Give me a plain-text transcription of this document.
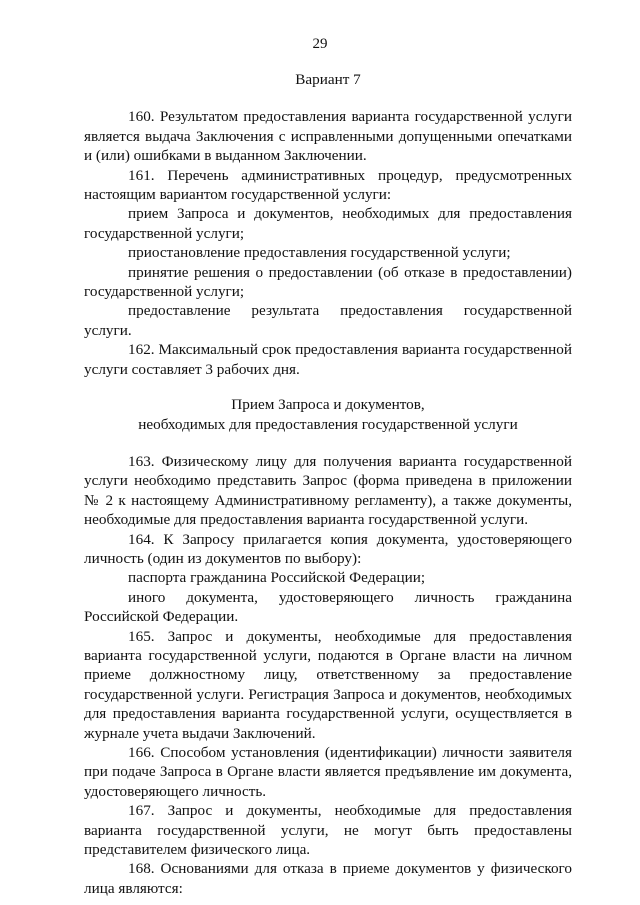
29
Вариант 7

160. Результатом предоставления варианта государственной услуги является выдача Заключения с исправленными допущенными опечатками и (или) ошибками в выданном Заключении.

161. Перечень административных процедур, предусмотренных настоящим вариантом государственной услуги:

прием Запроса и документов, необходимых для предоставления государственной услуги;

приостановление предоставления государственной услуги;

принятие решения о предоставлении (об отказе в предоставлении) государственной услуги;

предоставление результата предоставления государственной услуги.

162. Максимальный срок предоставления варианта государственной услуги составляет 3 рабочих дня.

Прием Запроса и документов,
необходимых для предоставления государственной услуги

163. Физическому лицу для получения варианта государственной услуги необходимо представить Запрос (форма приведена в приложении № 2 к настоящему Административному регламенту), а также документы, необходимые для предоставления варианта государственной услуги.

164. К Запросу прилагается копия документа, удостоверяющего личность (один из документов по выбору):

паспорта гражданина Российской Федерации;

иного документа, удостоверяющего личность гражданина Российской Федерации.

165. Запрос и документы, необходимые для предоставления варианта государственной услуги, подаются в Органе власти на личном приеме должностному лицу, ответственному за предоставление государственной услуги. Регистрация Запроса и документов, необходимых для предоставления варианта государственной услуги, осуществляется в журнале учета выдачи Заключений.

166. Способом установления (идентификации) личности заявителя при подаче Запроса в Органе власти является предъявление им документа, удостоверяющего личность.

167. Запрос и документы, необходимые для предоставления варианта государственной услуги, не могут быть предоставлены представителем физического лица.

168. Основаниями для отказа в приеме документов у физического лица являются:
